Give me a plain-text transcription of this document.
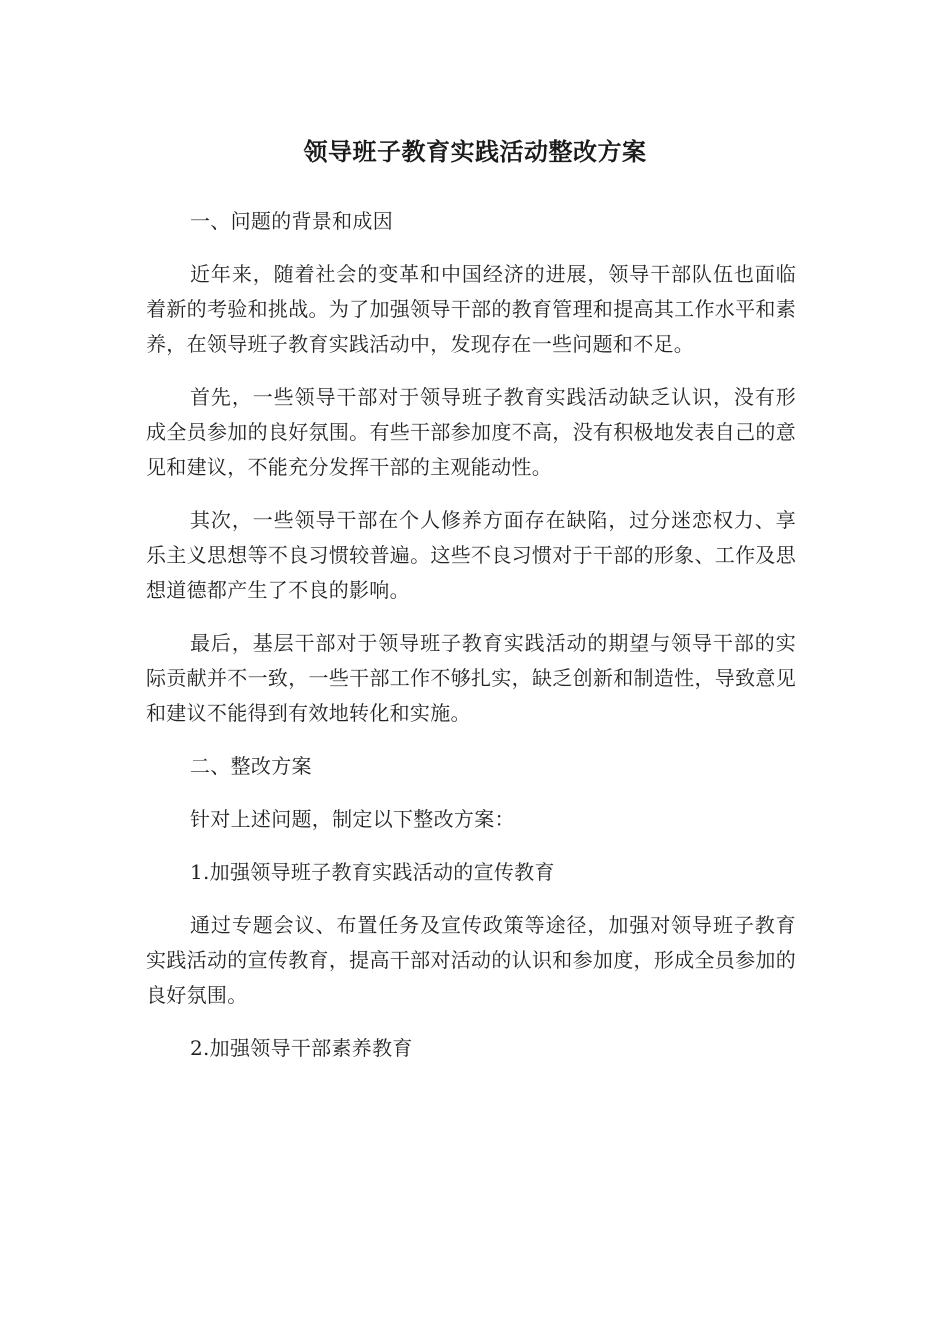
领导班子教育实践活动整改方案

一、问题的背景和成因

近年来，随着社会的变革和中国经济的进展，领导干部队伍也面临着新的考验和挑战。为了加强领导干部的教育管理和提高其工作水平和素养，在领导班子教育实践活动中，发现存在一些问题和不足。

首先，一些领导干部对于领导班子教育实践活动缺乏认识，没有形成全员参加的良好氛围。有些干部参加度不高，没有积极地发表自己的意见和建议，不能充分发挥干部的主观能动性。

其次，一些领导干部在个人修养方面存在缺陷，过分迷恋权力、享乐主义思想等不良习惯较普遍。这些不良习惯对于干部的形象、工作及思想道德都产生了不良的影响。

最后，基层干部对于领导班子教育实践活动的期望与领导干部的实际贡献并不一致，一些干部工作不够扎实，缺乏创新和制造性，导致意见和建议不能得到有效地转化和实施。

二、整改方案

针对上述问题，制定以下整改方案：

1.加强领导班子教育实践活动的宣传教育

通过专题会议、布置任务及宣传政策等途径，加强对领导班子教育实践活动的宣传教育，提高干部对活动的认识和参加度，形成全员参加的良好氛围。

2.加强领导干部素养教育
